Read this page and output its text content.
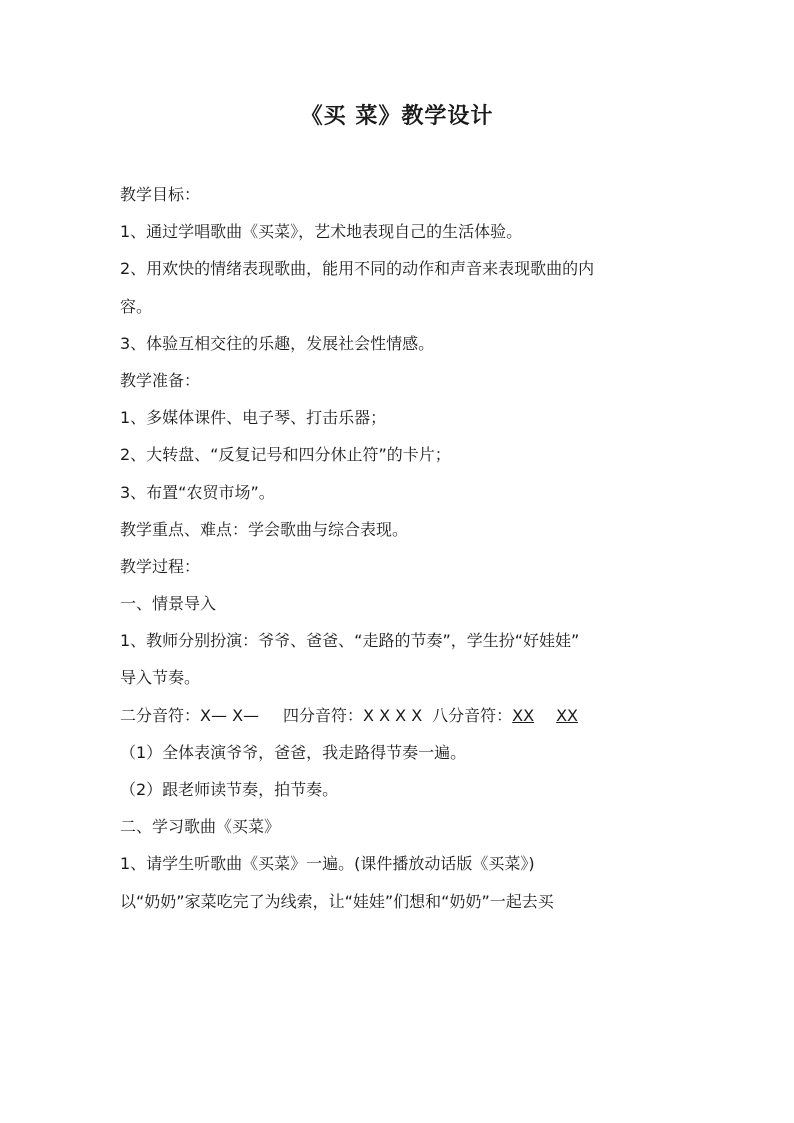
《买 菜》教学设计

教学目标：

1、通过学唱歌曲《买菜》，艺术地表现自己的生活体验。

2、用欢快的情绪表现歌曲，能用不同的动作和声音来表现歌曲的内

容。

3、体验互相交往的乐趣，发展社会性情感。

教学准备：

1、多媒体课件、电子琴、打击乐器；

2、大转盘、“反复记号和四分休止符”的卡片；

3、布置“农贸市场”。

教学重点、难点：学会歌曲与综合表现。

教学过程：

一、情景导入

1、教师分别扮演：爷爷、爸爸、“走路的节奏”，学生扮“好娃娃”

导入节奏。

二分音符：X— X— 四分音符：X X X X 八分音符：XX XX

（1）全体表演爷爷，爸爸，我走路得节奏一遍。

（2）跟老师读节奏，拍节奏。

二、学习歌曲《买菜》

1、请学生听歌曲《买菜》一遍。(课件播放动话版《买菜》)

以“奶奶”家菜吃完了为线索，让“娃娃”们想和“奶奶”一起去买
